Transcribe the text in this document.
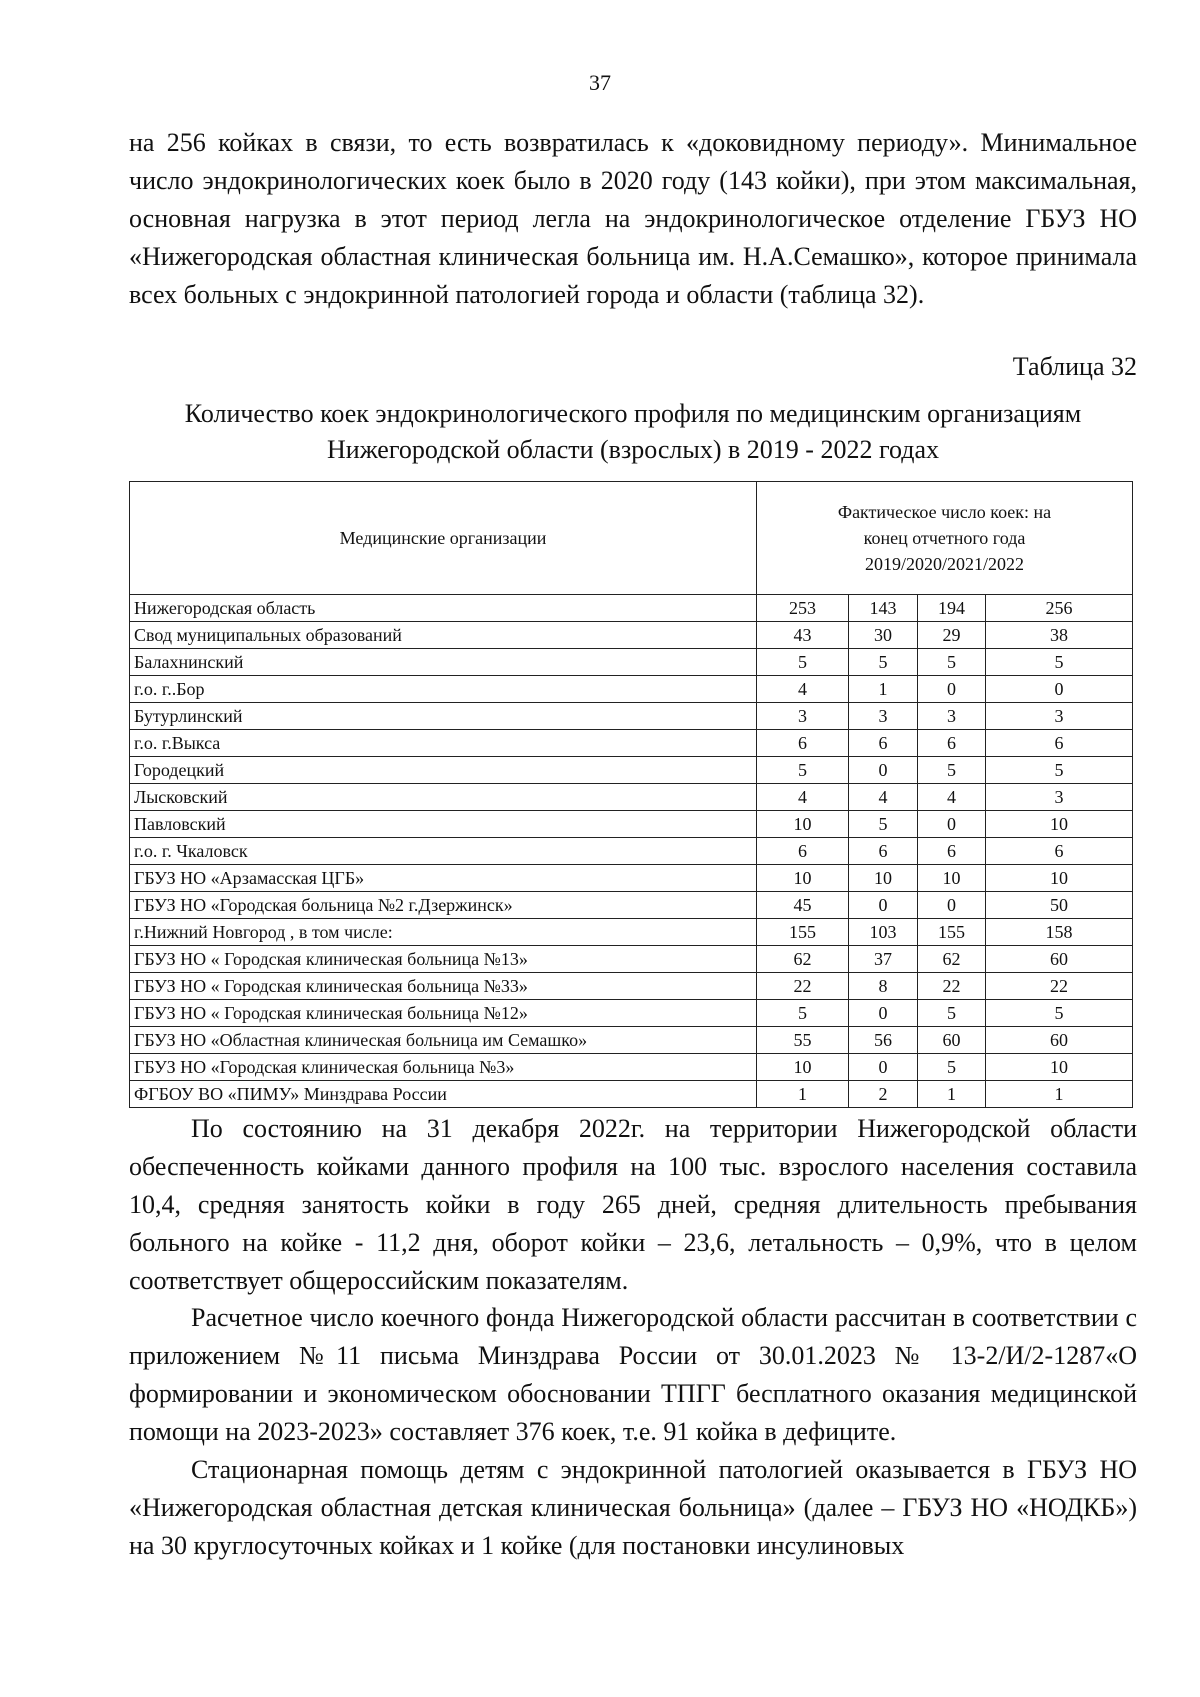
37

на 256 койках в связи, то есть возвратилась к «доковидному периоду». Минимальное число эндокринологических коек было в 2020 году (143 койки), при этом максимальная, основная нагрузка в этот период легла на эндокринологическое отделение ГБУЗ НО «Нижегородская областная клиническая больница им. Н.А.Семашко», которое принимала всех больных с эндокринной патологией города и области (таблица 32).

Таблица 32
Количество коек эндокринологического профиля по медицинским организациям
Нижегородской области (взрослых) в 2019 - 2022 годах
Медицинские организации	Фактическое число коек: на
конец отчетного года
2019/2020/2021/2022			

Нижегородская область	253	143	194	256
Свод муниципальных образований	43	30	29	38
Балахнинский	5	5	5	5
г.о. г..Бор	4	1	0	0
Бутурлинский	3	3	3	3
г.о. г.Выкса	6	6	6	6
Городецкий	5	0	5	5
Лысковский	4	4	4	3
Павловский	10	5	0	10
г.о. г. Чкаловск	6	6	6	6
ГБУЗ НО «Арзамасская ЦГБ»	10	10	10	10
ГБУЗ НО «Городская больница №2 г.Дзержинск»	45	0	0	50
г.Нижний Новгород , в том числе:	155	103	155	158
ГБУЗ НО « Городская клиническая больница №13»	62	37	62	60
ГБУЗ НО « Городская клиническая больница №33»	22	8	22	22
ГБУЗ НО « Городская клиническая больница №12»	5	0	5	5
ГБУЗ НО «Областная клиническая больница им Семашко»	55	56	60	60
ГБУЗ НО «Городская клиническая больница №3»	10	0	5	10
ФГБОУ ВО «ПИМУ» Минздрава России	1	2	1	1

По состоянию на 31 декабря 2022г. на территории Нижегородской области обеспеченность койками данного профиля на 100 тыс. взрослого населения составила 10,4, средняя занятость койки в году 265 дней, средняя длительность пребывания больного на койке - 11,2 дня, оборот койки – 23,6, летальность – 0,9%, что в целом соответствует общероссийским показателям.

Расчетное число коечного фонда Нижегородской области рассчитан в соответствии с приложением №11 письма Минздрава России от 30.01.2023 № 13-2/И/2-1287«О формировании и экономическом обосновании ТПГГ бесплатного оказания медицинской помощи на 2023-2023» составляет 376 коек, т.е. 91 койка в дефиците.

Стационарная помощь детям с эндокринной патологией оказывается в ГБУЗ НО «Нижегородская областная детская клиническая больница» (далее – ГБУЗ НО «НОДКБ») на 30 круглосуточных койках и 1 койке (для постановки инсулиновых
